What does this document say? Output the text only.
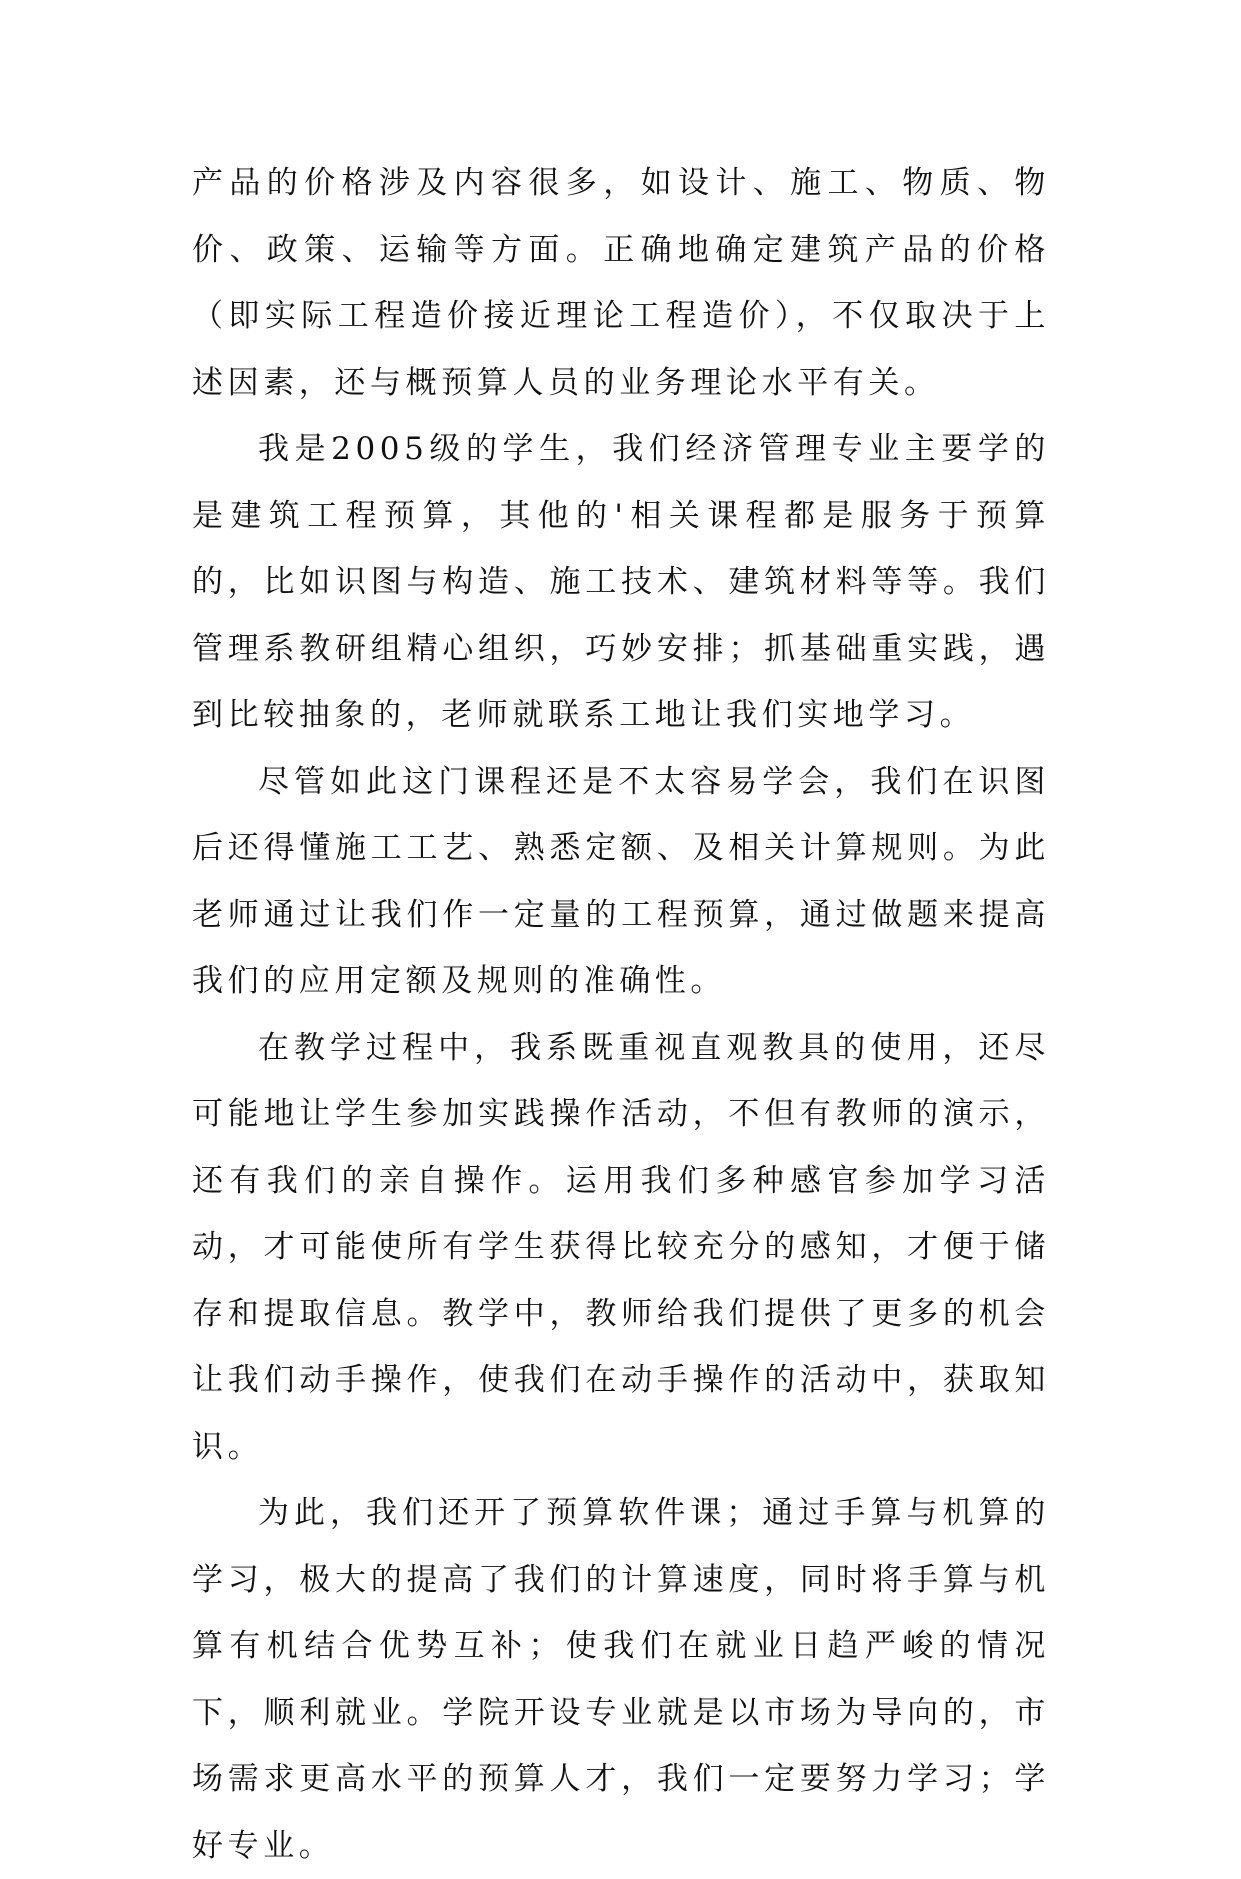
产品的价格涉及内容很多，如设计、施工、物质、物价、政策、运输等方面。正确地确定建筑产品的价格（即实际工程造价接近理论工程造价），不仅取决于上述因素，还与概预算人员的业务理论水平有关。

我是2005级的学生，我们经济管理专业主要学的是建筑工程预算，其他的'相关课程都是服务于预算的，比如识图与构造、施工技术、建筑材料等等。我们管理系教研组精心组织，巧妙安排；抓基础重实践，遇到比较抽象的，老师就联系工地让我们实地学习。

尽管如此这门课程还是不太容易学会，我们在识图后还得懂施工工艺、熟悉定额、及相关计算规则。为此老师通过让我们作一定量的工程预算，通过做题来提高我们的应用定额及规则的准确性。

在教学过程中，我系既重视直观教具的使用，还尽可能地让学生参加实践操作活动，不但有教师的演示，还有我们的亲自操作。运用我们多种感官参加学习活动，才可能使所有学生获得比较充分的感知，才便于储存和提取信息。教学中，教师给我们提供了更多的机会让我们动手操作，使我们在动手操作的活动中，获取知识。

为此，我们还开了预算软件课；通过手算与机算的学习，极大的提高了我们的计算速度，同时将手算与机算有机结合优势互补；使我们在就业日趋严峻的情况下，顺利就业。学院开设专业就是以市场为导向的，市场需求更高水平的预算人才，我们一定要努力学习；学好专业。
